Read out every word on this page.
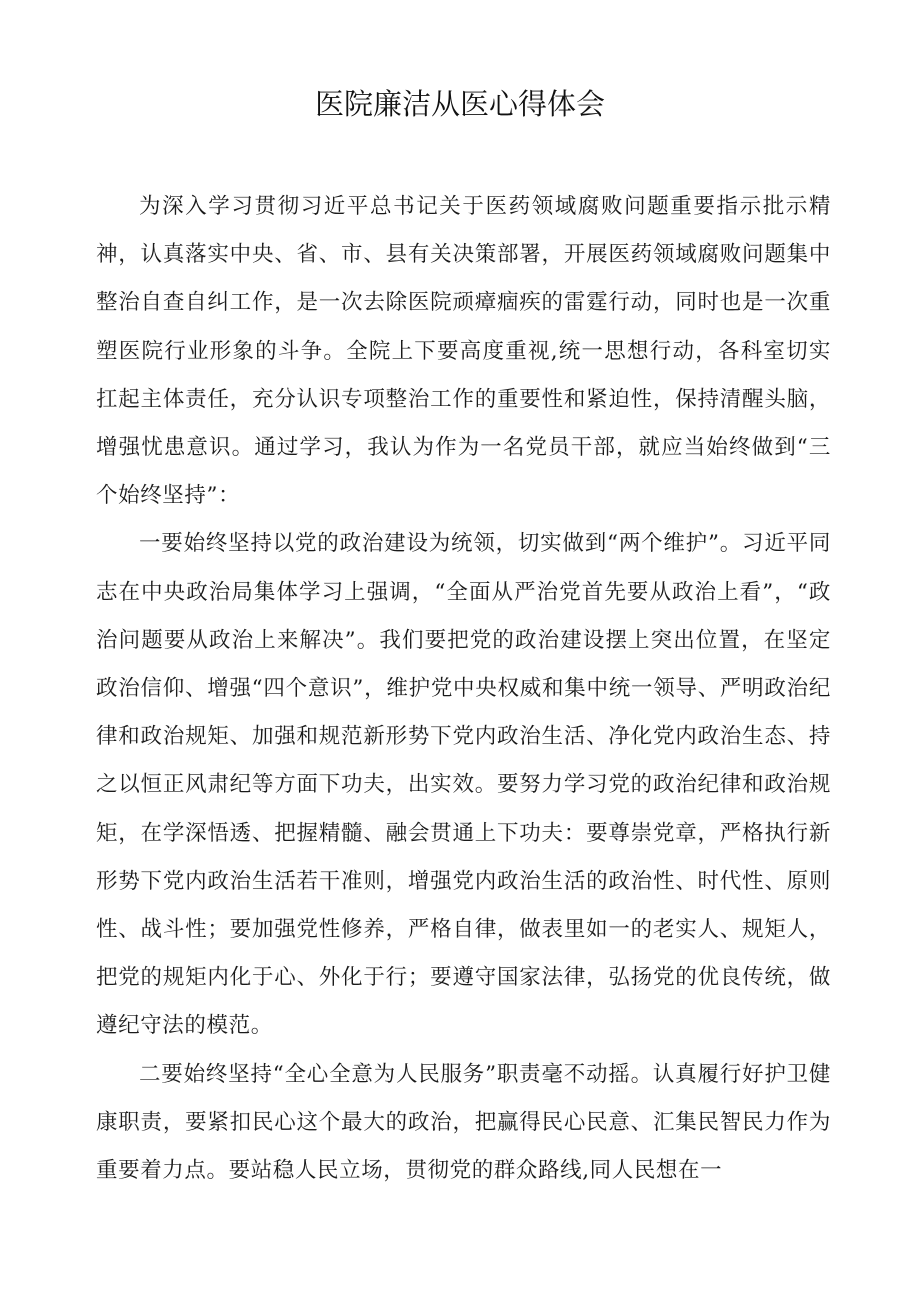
医院廉洁从医心得体会

为深入学习贯彻习近平总书记关于医药领域腐败问题重要指示批示精神，认真落实中央、省、市、县有关决策部署，开展医药领域腐败问题集中整治自查自纠工作，是一次去除医院顽瘴痼疾的雷霆行动，同时也是一次重塑医院行业形象的斗争。全院上下要高度重视,统一思想行动，各科室切实扛起主体责任，充分认识专项整治工作的重要性和紧迫性，保持清醒头脑，增强忧患意识。通过学习，我认为作为一名党员干部，就应当始终做到“三个始终坚持”：

一要始终坚持以党的政治建设为统领，切实做到“两个维护”。习近平同志在中央政治局集体学习上强调，“全面从严治党首先要从政治上看”，“政治问题要从政治上来解决”。我们要把党的政治建设摆上突出位置，在坚定政治信仰、增强“四个意识”，维护党中央权威和集中统一领导、严明政治纪律和政治规矩、加强和规范新形势下党内政治生活、净化党内政治生态、持之以恒正风肃纪等方面下功夫，出实效。要努力学习党的政治纪律和政治规矩，在学深悟透、把握精髓、融会贯通上下功夫：要尊崇党章，严格执行新形势下党内政治生活若干准则，增强党内政治生活的政治性、时代性、原则性、战斗性；要加强党性修养，严格自律，做表里如一的老实人、规矩人，把党的规矩内化于心、外化于行；要遵守国家法律，弘扬党的优良传统，做遵纪守法的模范。

二要始终坚持“全心全意为人民服务”职责毫不动摇。认真履行好护卫健康职责，要紧扣民心这个最大的政治，把赢得民心民意、汇集民智民力作为重要着力点。要站稳人民立场，贯彻党的群众路线,同人民想在一
